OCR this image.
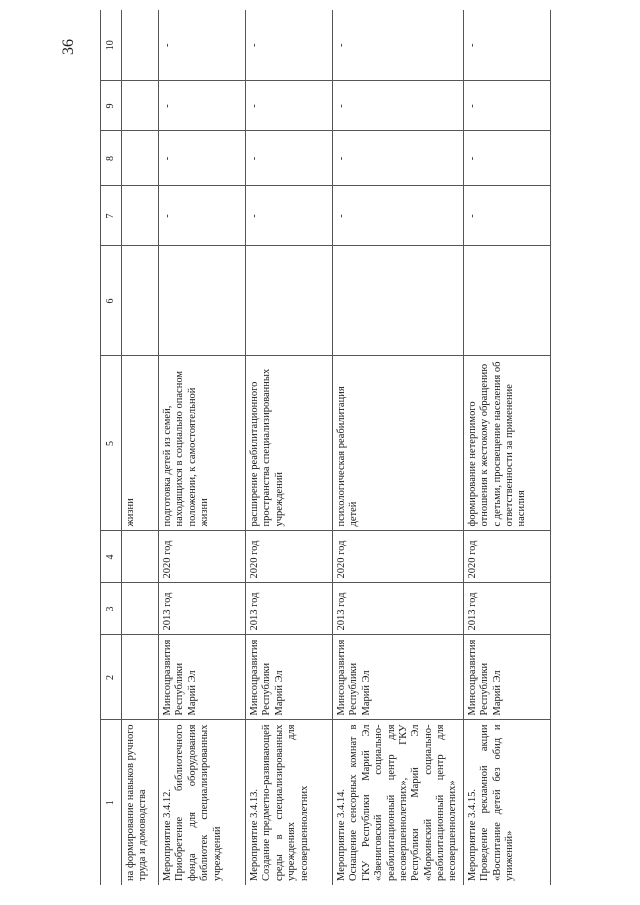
36
1	2	3	4	5	6	7	8	9	10

на формирование навыков ручного труда и домоводства				жизни					

Мероприятие 3.4.12. Приобретение библиотечного фонда для оборудования библиотек специализированных учреждений	Минсоцразвития Республики Марий Эл	2013 год	2020 год	подготовка детей из семей, находящихся в социально опасном положении, к самостоятельной жизни		-	-	-	-

Мероприятие 3.4.13. Создание предметно-развивающей среды в специализированных учреждениях для несовершеннолетних	Минсоцразвития Республики Марий Эл	2013 год	2020 год	расширение реабилитационного пространства специализированных учреждений		-	-	-	-

Мероприятие 3.4.14. Оснащение сенсорных комнат в ГКУ Республики Марий Эл «Звениговский социально-реабилитационный центр для несовершеннолетних», ГКУ Республики Марий Эл «Моркинский социально-реабилитационный центр для несовершеннолетних»	Минсоцразвития Республики Марий Эл	2013 год	2020 год	психологическая реабилитация детей		-	-	-	-

Мероприятие 3.4.15. Проведение рекламной акции «Воспитание детей без обид и унижений»	Минсоцразвития Республики Марий Эл	2013 год	2020 год	формирование нетерпимого отношения к жестокому обращению с детьми, просвещение населения об ответственности за применение насилия		-	-	-	-
